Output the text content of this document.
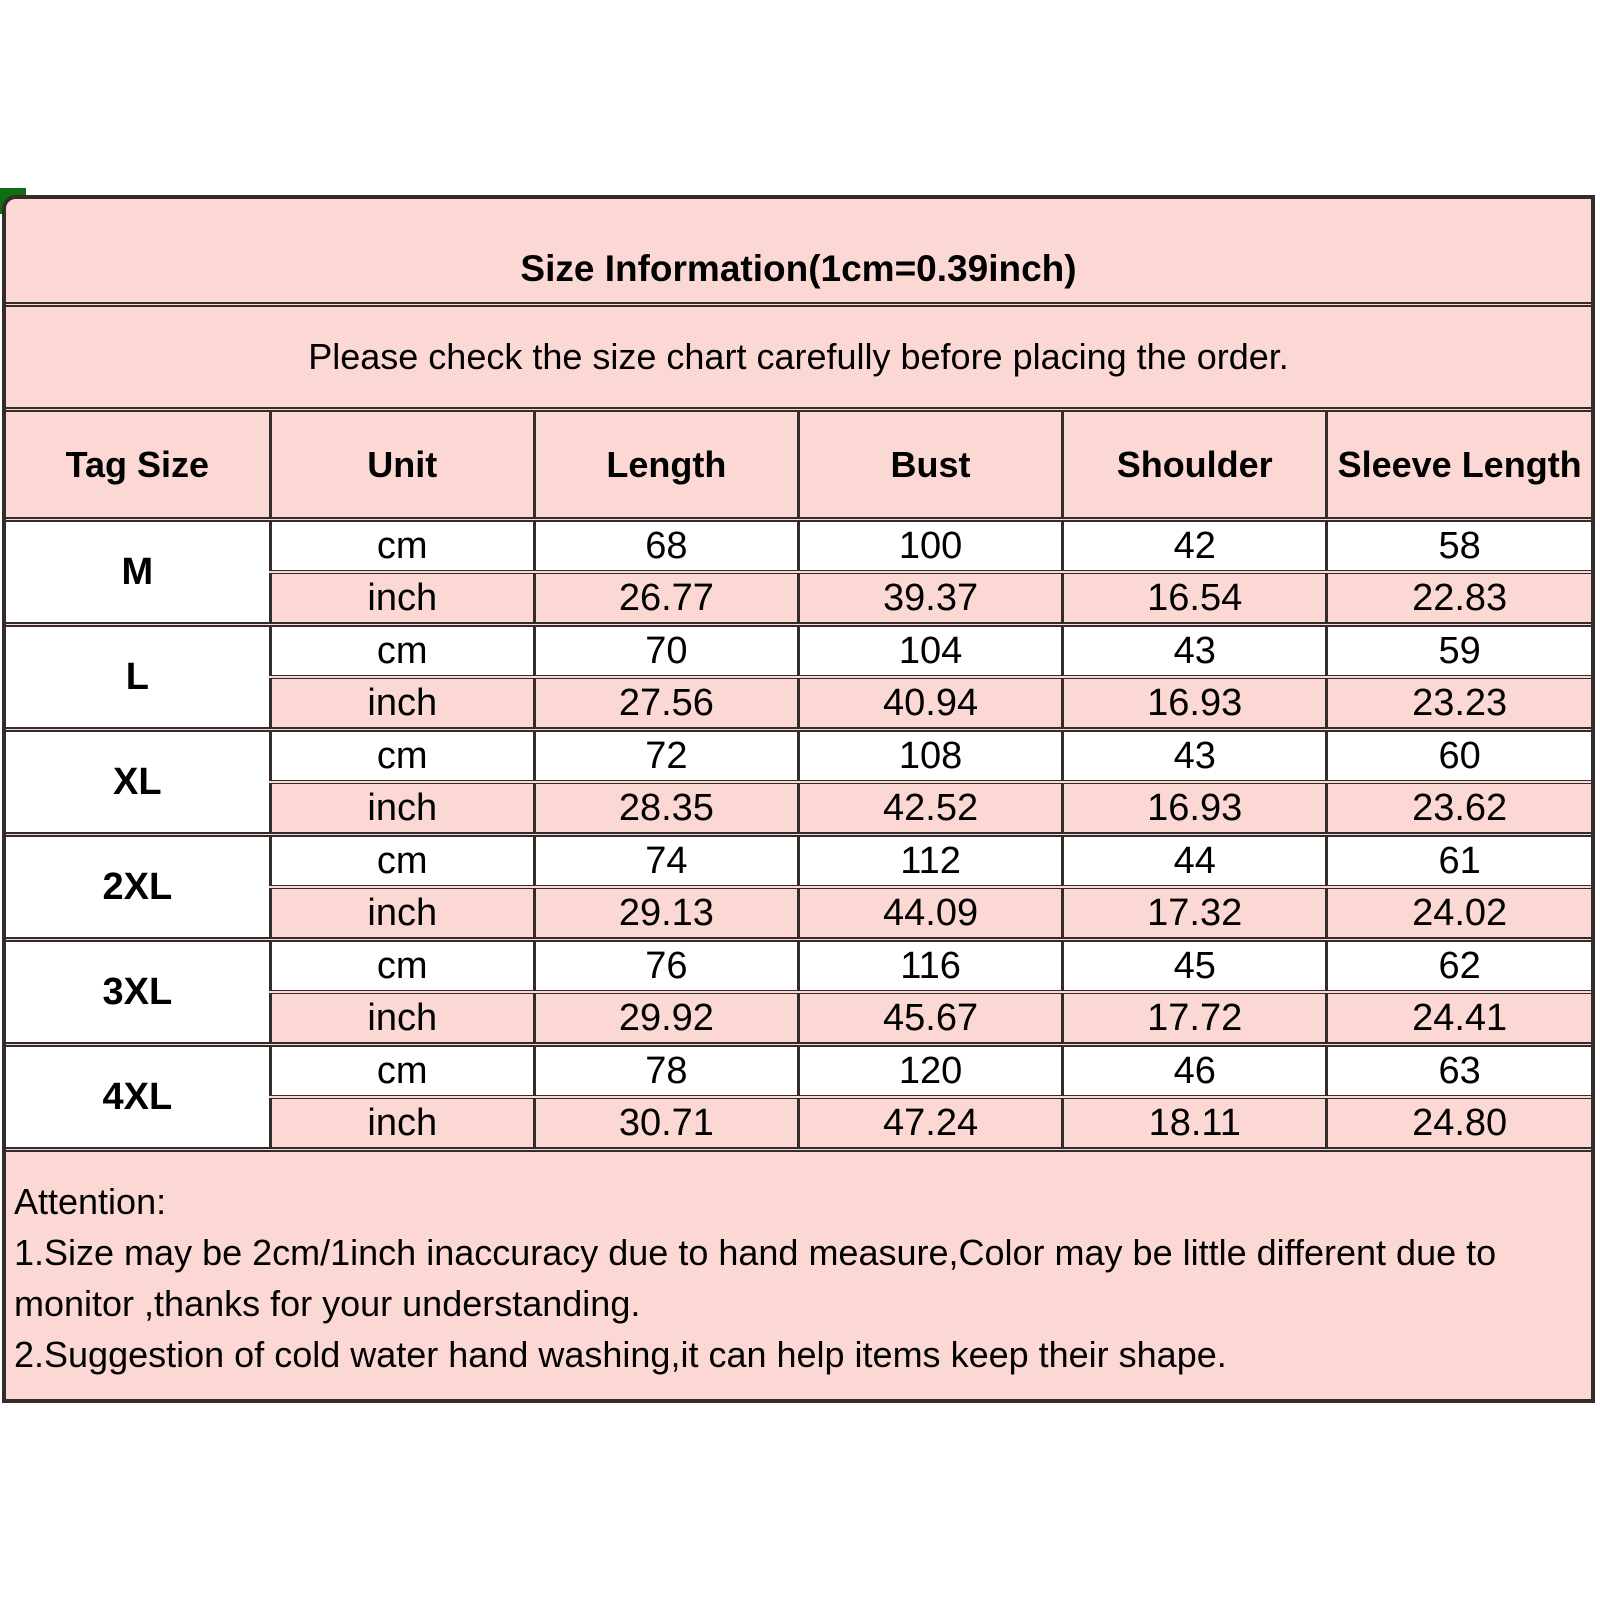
Size Information(1cm=0.39inch)
Please check the size chart carefully before placing the order.
Tag Size	Unit	Length	Bust	Shoulder	Sleeve Length
M	cm	68	100	42	58
	inch	26.77	39.37	16.54	22.83
L	cm	70	104	43	59
	inch	27.56	40.94	16.93	23.23
XL	cm	72	108	43	60
	inch	28.35	42.52	16.93	23.62
2XL	cm	74	112	44	61
	inch	29.13	44.09	17.32	24.02
3XL	cm	76	116	45	62
	inch	29.92	45.67	17.72	24.41
4XL	cm	78	120	46	63
	inch	30.71	47.24	18.11	24.80

Attention:

1.Size may be 2cm/1inch inaccuracy due to hand measure,Color may be little different due to monitor ,thanks for your understanding.

2.Suggestion of cold water hand washing,it can help items keep their shape.
